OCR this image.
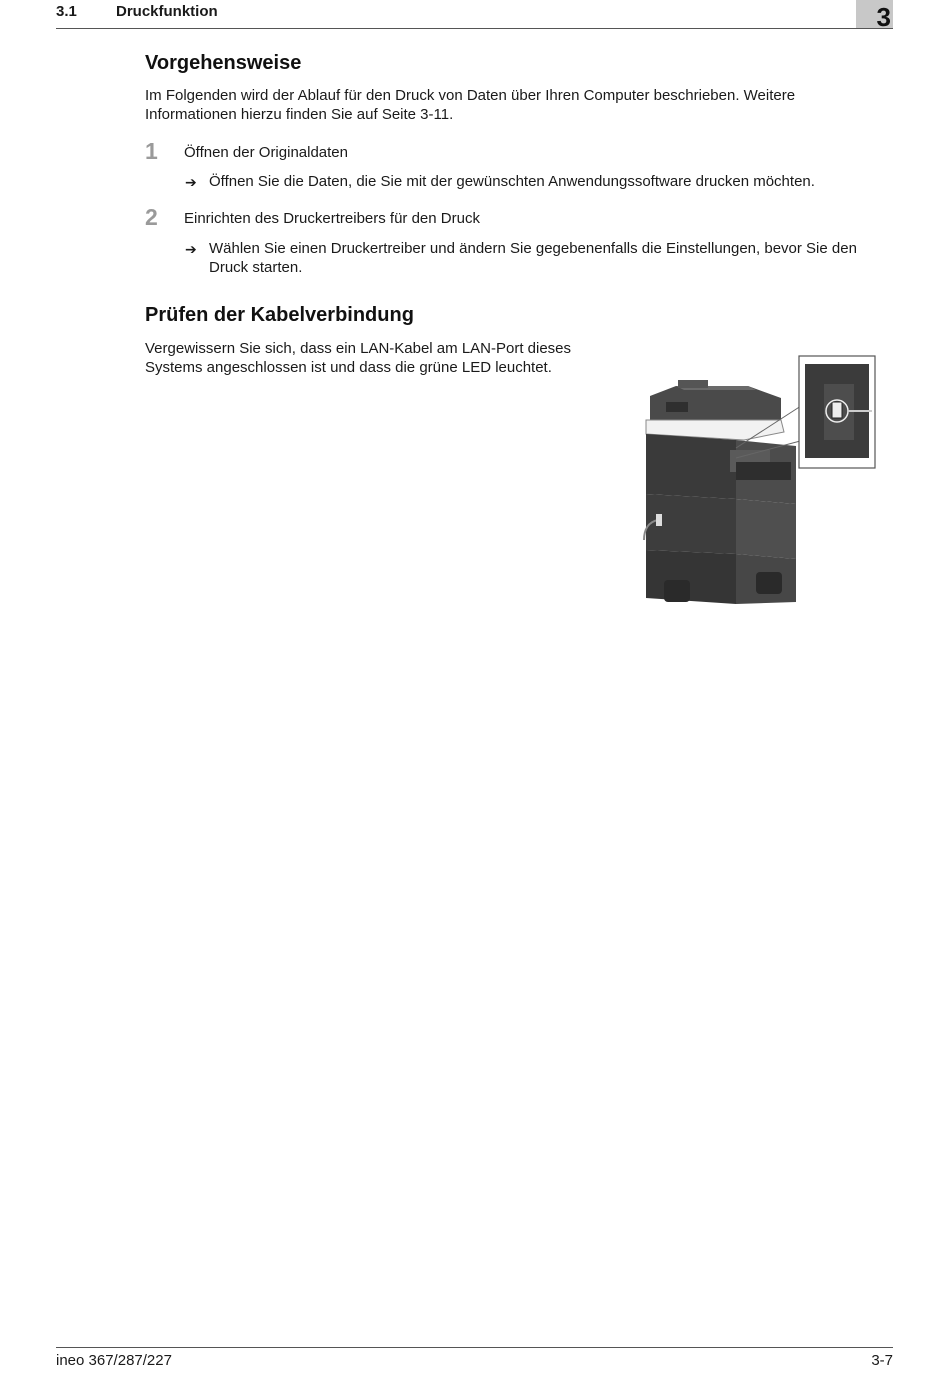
3.1	Druckfunktion	3
Vorgehensweise

Im Folgenden wird der Ablauf für den Druck von Daten über Ihren Computer beschrieben. Weitere Informationen hierzu finden Sie auf Seite 3-11.

1 Öffnen der Originaldaten
➔ Öffnen Sie die Daten, die Sie mit der gewünschten Anwendungssoftware drucken möchten.

2 Einrichten des Druckertreibers für den Druck
➔ Wählen Sie einen Druckertreiber und ändern Sie gegebenenfalls die Einstellungen, bevor Sie den Druck starten.

Prüfen der Kabelverbindung

Vergewissern Sie sich, dass ein LAN-Kabel am LAN-Port dieses Systems angeschlossen ist und dass die grüne LED leuchtet.

ineo 367/287/227	3-7
